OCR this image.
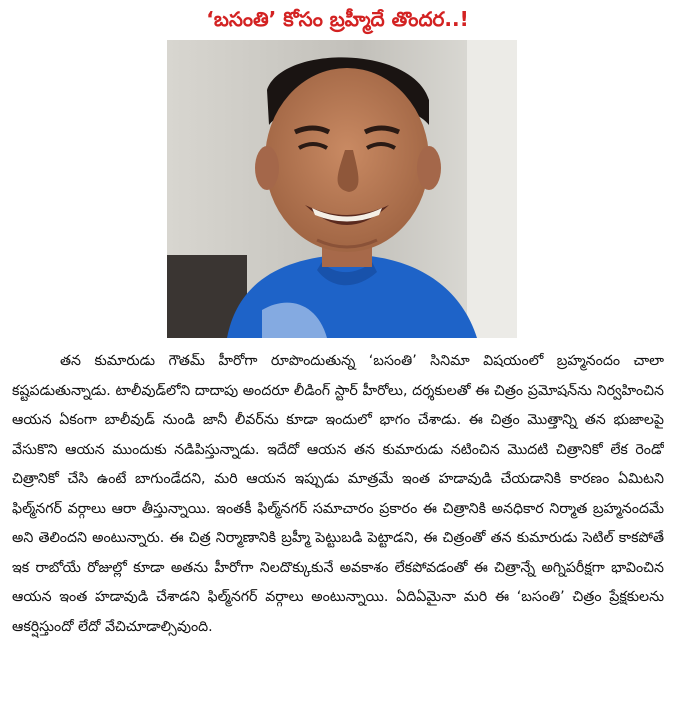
‘బసంతి’ కోసం బ్రహ్మీదే తొందర..!

తన కుమారుడు గౌతమ్ హీరోగా రూపొందుతున్న ‘బసంతి’ సినిమా విషయంలో బ్రహ్మనందం చాలా కష్టపడుతున్నాడు. టాలీవుడ్‌లోని దాదాపు అందరూ లీడింగ్ స్టార్ హీరోలు, దర్శకులతో ఈ చిత్రం ప్రమోషన్‌ను నిర్వహించిన ఆయన ఏకంగా బాలీవుడ్ నుండి జానీ లీవర్‌ను కూడా ఇందులో భాగం చేశాడు. ఈ చిత్రం మొత్తాన్ని తన భుజాలపై వేసుకొని ఆయన ముందుకు నడిపిస్తున్నాడు. ఇదేదో ఆయన తన కుమారుడు నటించిన మొదటి చిత్రానికో లేక రెండో చిత్రానికో చేసి ఉంటే బాగుండేదని, మరి ఆయన ఇప్పుడు మాత్రమే ఇంత హడావుడి చేయడానికి కారణం ఏమిటని ఫిల్మ్‌నగర్ వర్గాలు ఆరా తీస్తున్నాయి. ఇంతకీ ఫిల్మ్‌నగర్ సమాచారం ప్రకారం ఈ చిత్రానికి అనధికార నిర్మాత బ్రహ్మనందమే అని తెలిందని అంటున్నారు. ఈ చిత్ర నిర్మాణానికి బ్రహ్మీ పెట్టుబడి పెట్టాడని, ఈ చిత్రంతో తన కుమారుడు సెటిల్ కాకపోతే ఇక రాబోయే రోజుల్లో కూడా అతను హీరోగా నిలదొక్కుకునే అవకాశం లేకపోవడంతో ఈ చిత్రాన్నే అగ్నిపరీక్షగా భావించిన ఆయన ఇంత హడావుడి చేశాడని ఫిల్మ్‌నగర్ వర్గాలు అంటున్నాయి. ఏదిఏమైనా మరి ఈ ‘బసంతి’ చిత్రం ప్రేక్షకులను ఆకర్షిస్తుందో లేదో వేచిచూడాల్సివుంది.
